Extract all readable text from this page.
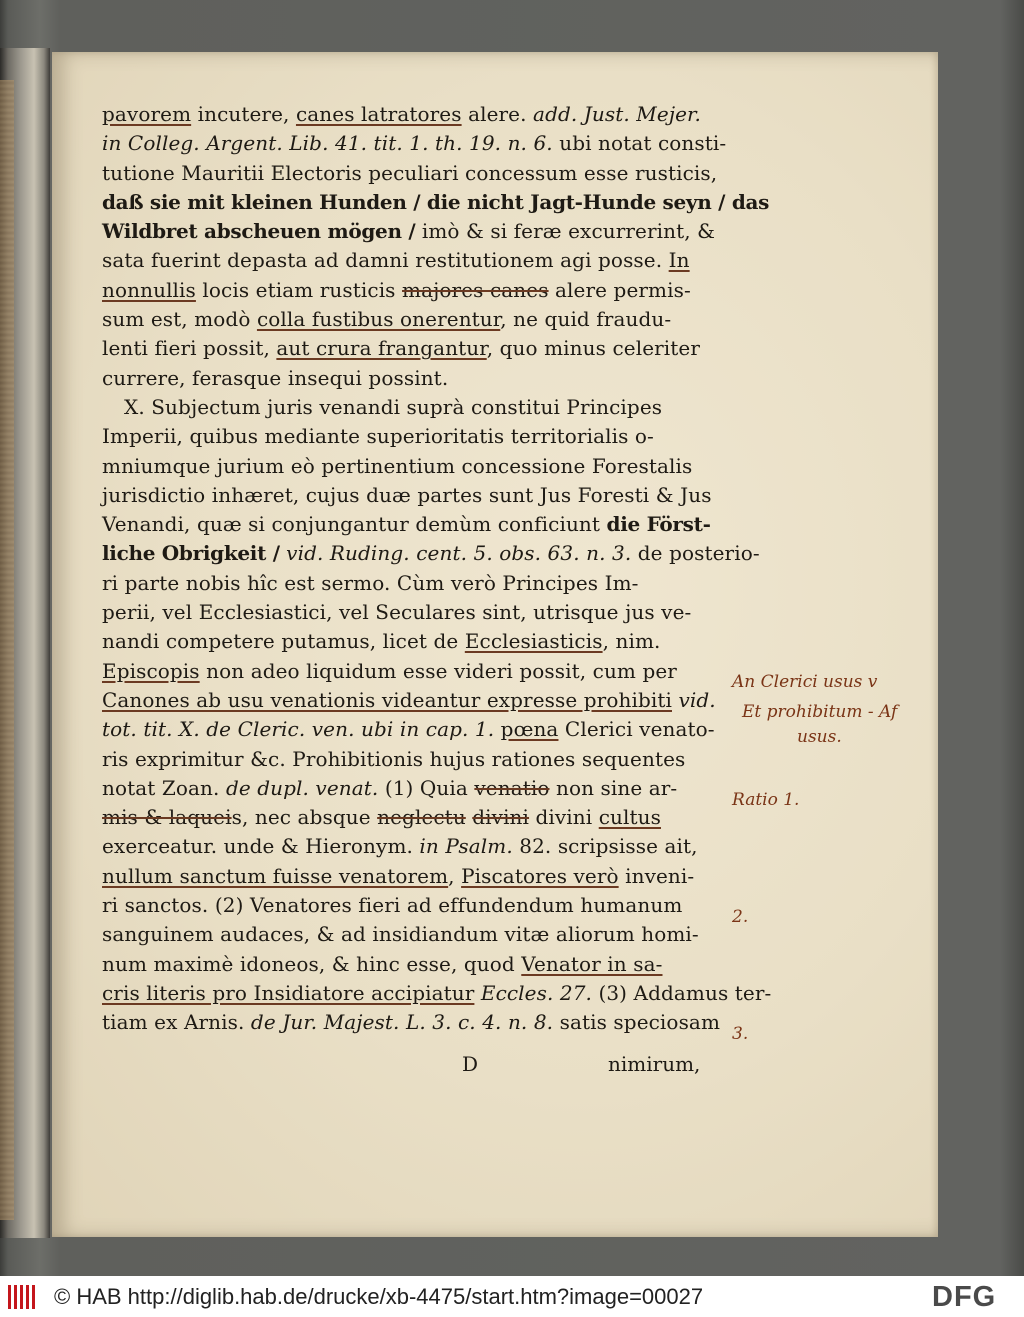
pavorem incutere, canes latratores alere. add. Just. Mejer.
in Colleg. Argent. Lib. 41. tit. 1. th. 19. n. 6. ubi notat consti-
tutione Mauritii Electoris peculiari concessum esse rusticis,
daß sie mit kleinen Hunden / die nicht Jagt-Hunde seyn / das
Wildbret abscheuen mögen / imò & si feræ excurrerint, &
sata fuerint depasta ad damni restitutionem agi posse. In
nonnullis locis etiam rusticis majores canes alere permis-
sum est, modò colla fustibus onerentur, ne quid fraudu-
lenti fieri possit, aut crura frangantur, quo minus celeriter
currere, ferasque insequi possint.
X. Subjectum juris venandi suprà constitui Principes
Imperii, quibus mediante superioritatis territorialis o-
mniumque jurium eò pertinentium concessione Forestalis
jurisdictio inhæret, cujus duæ partes sunt Jus Foresti & Jus
Venandi, quæ si conjungantur demùm conficiunt die Först-
liche Obrigkeit / vid. Ruding. cent. 5. obs. 63. n. 3. de posterio-
ri parte nobis hîc est sermo. Cùm verò Principes Im-
perii, vel Ecclesiastici, vel Seculares sint, utrisque jus ve-
nandi competere putamus, licet de Ecclesiasticis, nim.
Episcopis non adeo liquidum esse videri possit, cum per
Canones ab usu venationis videantur expresse prohibiti vid.
tot. tit. X. de Cleric. ven. ubi in cap. 1. pœna Clerici venato-
ris exprimitur &c. Prohibitionis hujus rationes sequentes
notat Zoan. de dupl. venat. (1) Quia venatio non sine ar-
mis & laqueis, nec absque neglectu divini divini cultus
exerceatur. unde & Hieronym. in Psalm. 82. scripsisse ait,
nullum sanctum fuisse venatorem, Piscatores verò inveni-
ri sanctos. (2) Venatores fieri ad effundendum humanum
sanguinem audaces, & ad insidiandum vitæ aliorum homi-
num maximè idoneos, & hinc esse, quod Venator in sa-
cris literis pro Insidiatore accipiatur Eccles. 27. (3) Addamus ter-
tiam ex Arnis. de Jur. Majest. L. 3. c. 4. n. 8. satis speciosam
D	nimirum,
An Clerici usus v
Et prohibitum - Af
usus.
Ratio 1.
2.
3.
© HAB http://diglib.hab.de/drucke/xb-4475/start.htm?image=00027	DFG
